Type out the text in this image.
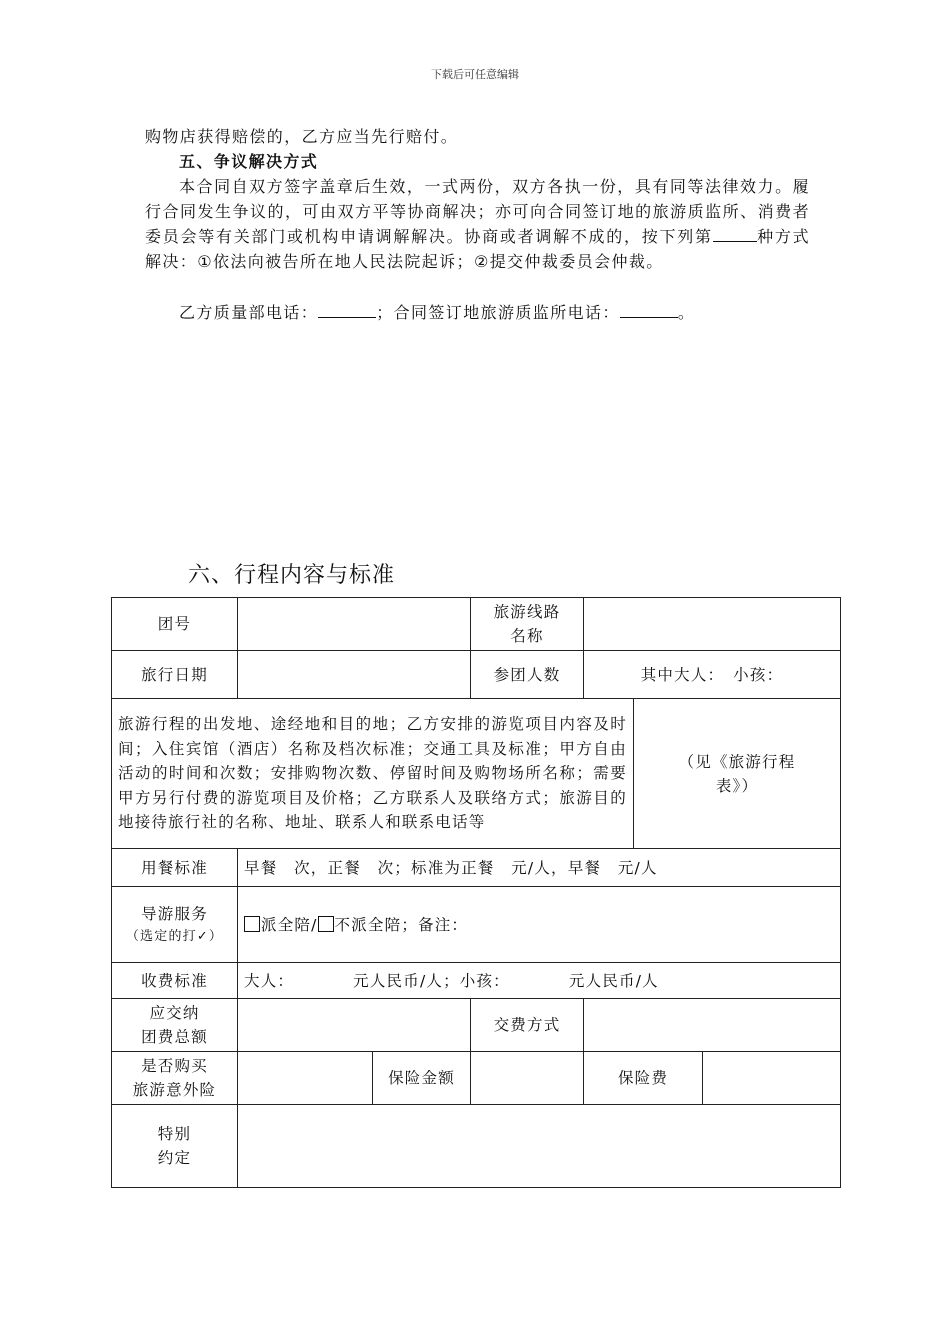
下载后可任意编辑

购物店获得赔偿的，乙方应当先行赔付。

五、争议解决方式

本合同自双方签字盖章后生效，一式两份，双方各执一份，具有同等法律效力。履行合同发生争议的，可由双方平等协商解决；亦可向合同签订地的旅游质监所、消费者委员会等有关部门或机构申请调解解决。协商或者调解不成的，按下列第	种方式解决：①依法向被告所在地人民法院起诉；②提交仲裁委员会仲裁。

乙方质量部电话：	；合同签订地旅游质监所电话：	。

六、行程内容与标准
团号			旅游线路
名称			
旅行日期			参团人数	其中大人：　小孩：		
旅游行程的出发地、途经地和目的地；乙方安排的游览项目内容及时间；入住宾馆（酒店）名称及档次标准；交通工具及标准；甲方自由活动的时间和次数；安排购物次数、停留时间及购物场所名称；需要甲方另行付费的游览项目及价格；乙方联系人及联络方式；旅游目的地接待旅行社的名称、地址、联系人和联系电话等					（见《旅游行程表》）	
用餐标准	早餐　次，正餐　次；标准为正餐　元/人，早餐　元/人					

导游服务
（选定的打✓）	派全陪/ 不派全陪；备注：					
收费标准	大人：　　　　元人民币/人；小孩：　　　　元人民币/人					
应交纳
团费总额			交费方式			
是否购买
旅游意外险		保险金额		保险费		
特别
约定						
